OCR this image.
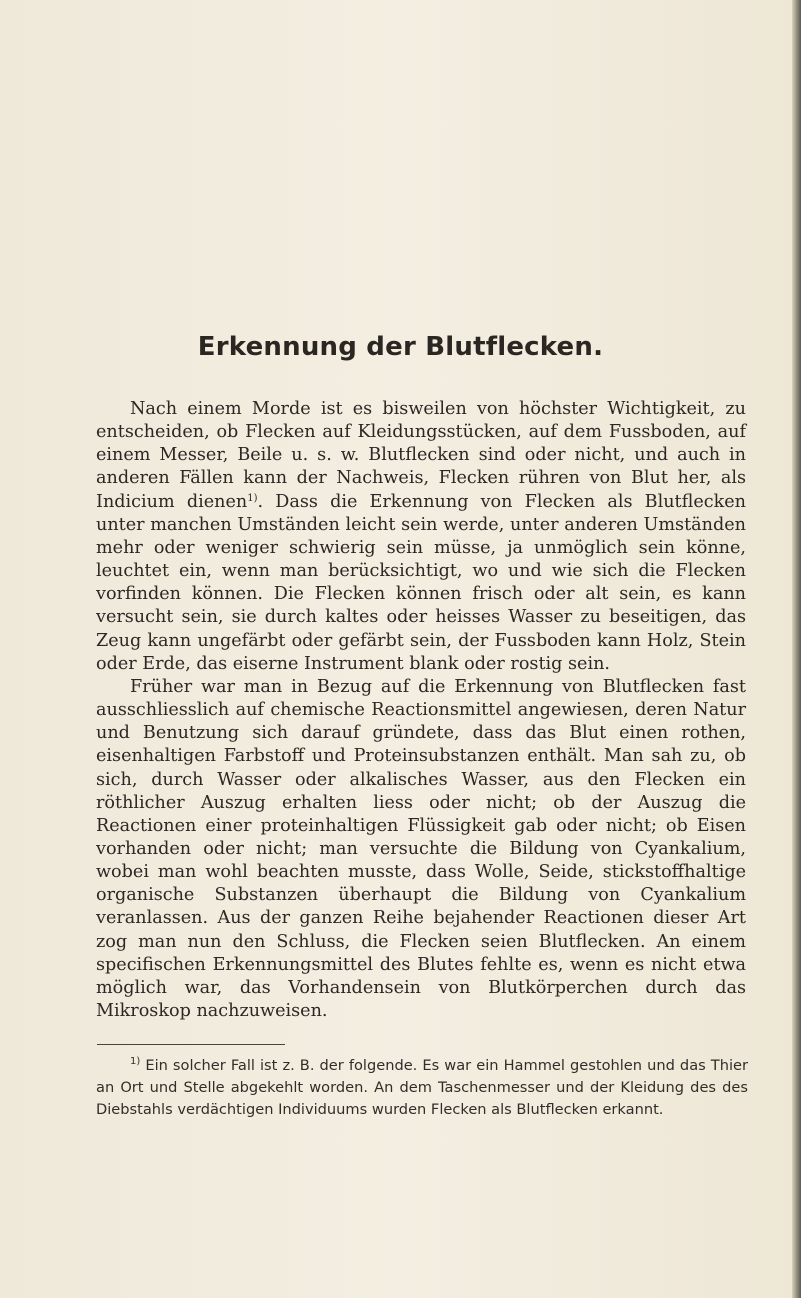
Erkennung der Blutflecken.

Nach einem Morde ist es bisweilen von höchster Wichtigkeit, zu entscheiden, ob Flecken auf Kleidungsstücken, auf dem Fussboden, auf einem Messer, Beile u. s. w. Blutflecken sind oder nicht, und auch in anderen Fällen kann der Nachweis, Flecken rühren von Blut her, als Indicium dienen$^{1)}$. Dass die Erkennung von Flecken als Blutflecken unter manchen Umständen leicht sein werde, unter anderen Umständen mehr oder weniger schwierig sein müsse, ja unmöglich sein könne, leuchtet ein, wenn man berücksichtigt, wo und wie sich die Flecken vorfinden können. Die Flecken können frisch oder alt sein, es kann versucht sein, sie durch kaltes oder heisses Wasser zu beseitigen, das Zeug kann ungefärbt oder gefärbt sein, der Fussboden kann Holz, Stein oder Erde, das eiserne Instrument blank oder rostig sein.

Früher war man in Bezug auf die Erkennung von Blutflecken fast ausschliesslich auf chemische Reactionsmittel angewiesen, deren Natur und Benutzung sich darauf gründete, dass das Blut einen rothen, eisenhaltigen Farbstoff und Proteinsubstanzen enthält. Man sah zu, ob sich, durch Wasser oder alkalisches Wasser, aus den Flecken ein röthlicher Auszug erhalten liess oder nicht; ob der Auszug die Reactionen einer proteinhaltigen Flüssigkeit gab oder nicht; ob Eisen vorhanden oder nicht; man versuchte die Bildung von Cyankalium, wobei man wohl beachten musste, dass Wolle, Seide, stickstoffhaltige organische Substanzen überhaupt die Bildung von Cyankalium veranlassen. Aus der ganzen Reihe bejahender Reactionen dieser Art zog man nun den Schluss, die Flecken seien Blutflecken. An einem specifischen Erkennungsmittel des Blutes fehlte es, wenn es nicht etwa möglich war, das Vorhandensein von Blutkörperchen durch das Mikroskop nachzuweisen.

$^{1)}$ Ein solcher Fall ist z. B. der folgende. Es war ein Hammel gestohlen und das Thier an Ort und Stelle abgekehlt worden. An dem Taschenmesser und der Kleidung des des Diebstahls verdächtigen Individuums wurden Flecken als Blutflecken erkannt.
